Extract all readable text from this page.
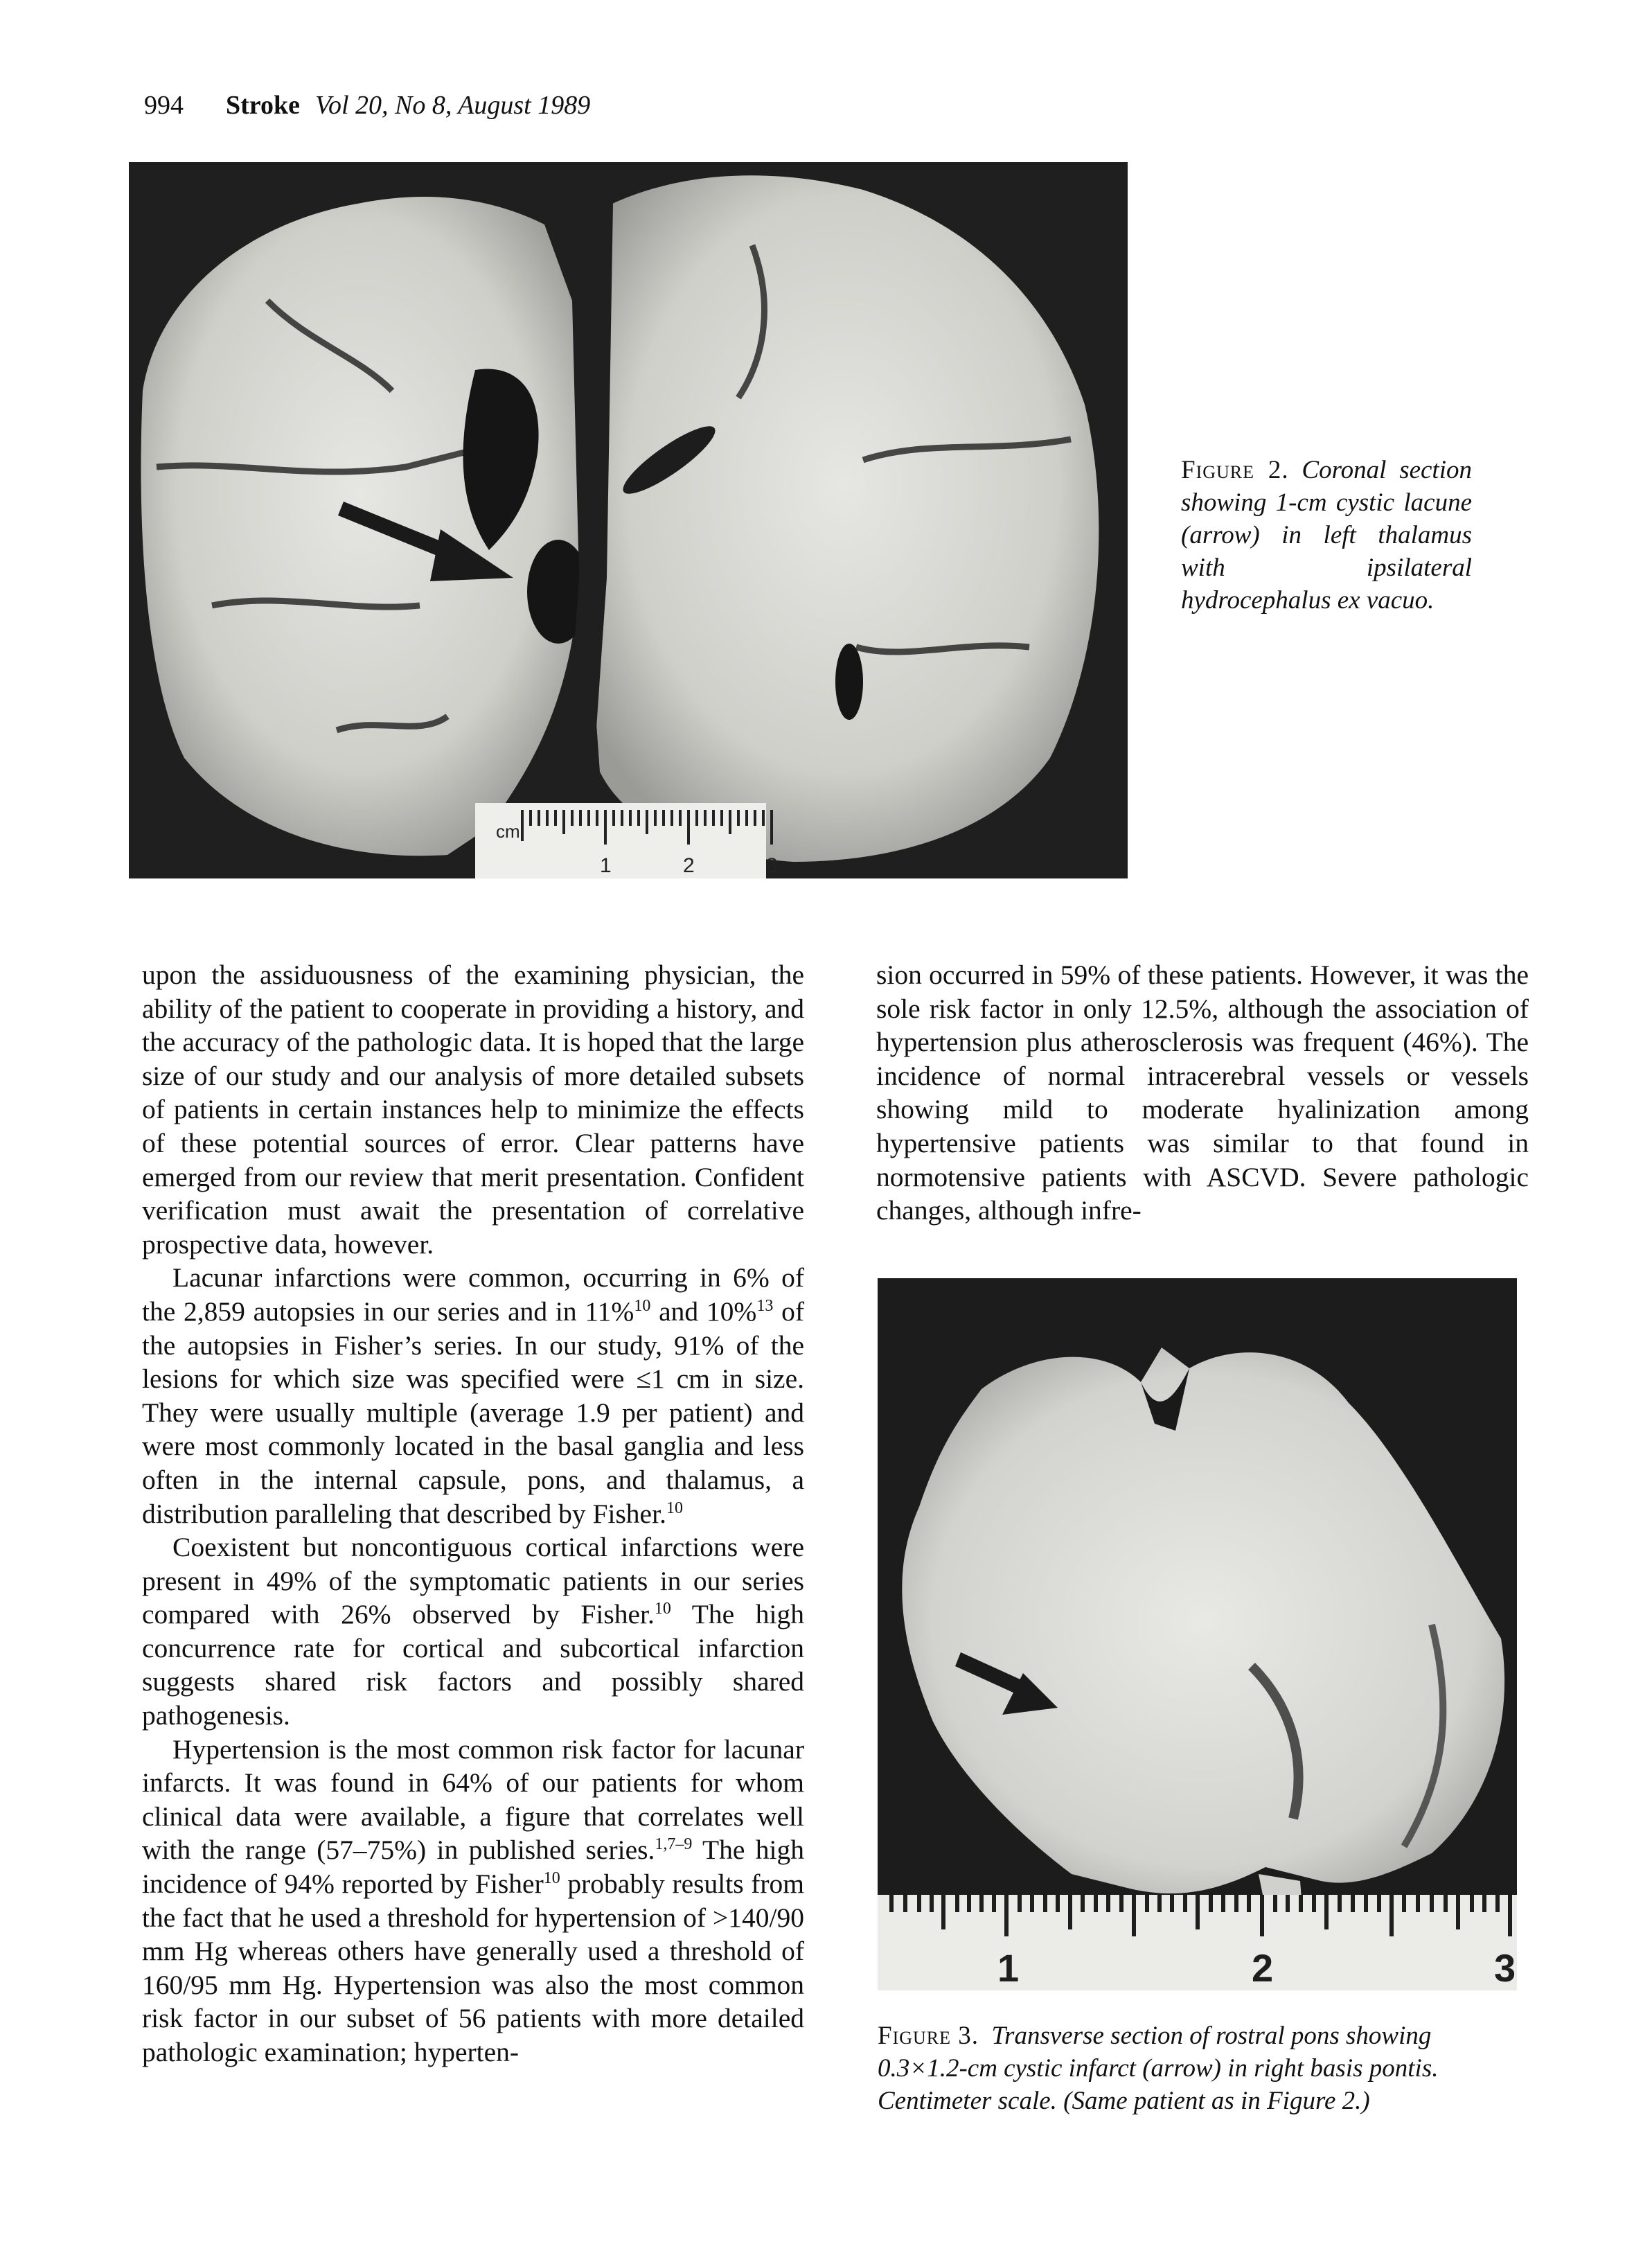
994 Stroke Vol 20, No 8, August 1989
cm
1	2	3
Figure 2. Coronal section showing 1-cm cystic lacune (arrow) in left thalamus with ipsilateral hydrocephalus ex vacuo.

upon the assiduousness of the examining physician, the ability of the patient to cooperate in providing a history, and the accuracy of the pathologic data. It is hoped that the large size of our study and our analysis of more detailed subsets of patients in certain instances help to minimize the effects of these potential sources of error. Clear patterns have emerged from our review that merit presentation. Confident verification must await the presentation of correlative prospective data, however.

Lacunar infarctions were common, occurring in 6% of the 2,859 autopsies in our series and in 11%$^{10}$ and 10%$^{13}$ of the autopsies in Fisher’s series. In our study, 91% of the lesions for which size was specified were ≤1 cm in size. They were usually multiple (average 1.9 per patient) and were most commonly located in the basal ganglia and less often in the internal capsule, pons, and thalamus, a distribution paralleling that described by Fisher.$^{10}$

Coexistent but noncontiguous cortical infarctions were present in 49% of the symptomatic patients in our series compared with 26% observed by Fisher.$^{10}$ The high concurrence rate for cortical and subcortical infarction suggests shared risk factors and possibly shared pathogenesis.

Hypertension is the most common risk factor for lacunar infarcts. It was found in 64% of our patients for whom clinical data were available, a figure that correlates well with the range (57–75%) in published series.$^{1,7-9}$ The high incidence of 94% reported by Fisher$^{10}$ probably results from the fact that he used a threshold for hypertension of >140/90 mm Hg whereas others have generally used a threshold of 160/95 mm Hg. Hypertension was also the most common risk factor in our subset of 56 patients with more detailed pathologic examination; hyperten-

sion occurred in 59% of these patients. However, it was the sole risk factor in only 12.5%, although the association of hypertension plus atherosclerosis was frequent (46%). The incidence of normal intracerebral vessels or vessels showing mild to moderate hyalinization among hypertensive patients was similar to that found in normotensive patients with ASCVD. Severe pathologic changes, although infre-

1	2	3
Figure 3. Transverse section of rostral pons showing 0.3×1.2-cm cystic infarct (arrow) in right basis pontis. Centimeter scale. (Same patient as in Figure 2.)
